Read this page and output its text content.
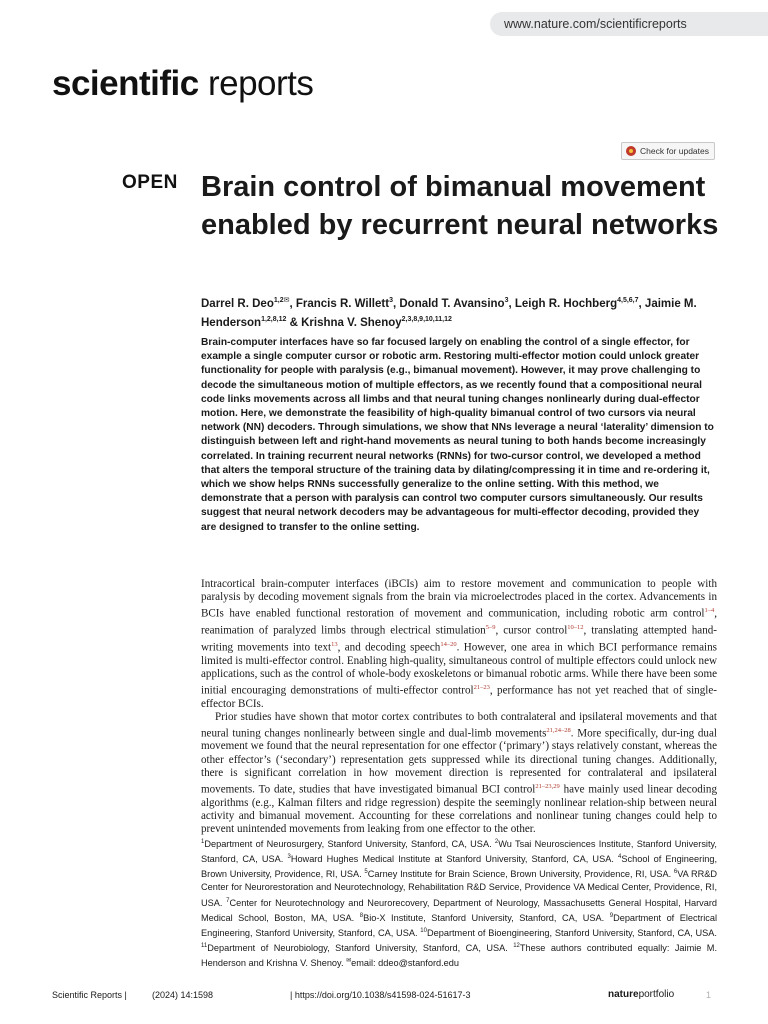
www.nature.com/scientificreports
scientific reports
Check for updates
OPEN Brain control of bimanual movement enabled by recurrent neural networks
Darrel R. Deo$^{1,2✉}$, Francis R. Willett$^3$, Donald T. Avansino$^3$, Leigh R. Hochberg$^{4,5,6,7}$, Jaimie M. Henderson$^{1,2,8,12}$ & Krishna V. Shenoy$^{2,3,8,9,10,11,12}$

Brain-computer interfaces have so far focused largely on enabling the control of a single effector, for example a single computer cursor or robotic arm. Restoring multi-effector motion could unlock greater functionality for people with paralysis (e.g., bimanual movement). However, it may prove challenging to decode the simultaneous motion of multiple effectors, as we recently found that a compositional neural code links movements across all limbs and that neural tuning changes nonlinearly during dual-effector motion. Here, we demonstrate the feasibility of high-quality bimanual control of two cursors via neural network (NN) decoders. Through simulations, we show that NNs leverage a neural ‘laterality’ dimension to distinguish between left and right-hand movements as neural tuning to both hands become increasingly correlated. In training recurrent neural networks (RNNs) for two-cursor control, we developed a method that alters the temporal structure of the training data by dilating/compressing it in time and re-ordering it, which we show helps RNNs successfully generalize to the online setting. With this method, we demonstrate that a person with paralysis can control two computer cursors simultaneously. Our results suggest that neural network decoders may be advantageous for multi-effector decoding, provided they are designed to transfer to the online setting.

Intracortical brain-computer interfaces (iBCIs) aim to restore movement and communication to people with paralysis by decoding movement signals from the brain via microelectrodes placed in the cortex. Advancements in BCIs have enabled functional restoration of movement and communication, including robotic arm control$^{1-4}$, reanimation of paralyzed limbs through electrical stimulation$^{5-9}$, cursor control$^{10-12}$, translating attempted hand-writing movements into text$^{13}$, and decoding speech$^{14-20}$. However, one area in which BCI performance remains limited is multi-effector control. Enabling high-quality, simultaneous control of multiple effectors could unlock new applications, such as the control of whole-body exoskeletons or bimanual robotic arms. While there have been some initial encouraging demonstrations of multi-effector control$^{21-23}$, performance has not yet reached that of single-effector BCIs.

Prior studies have shown that motor cortex contributes to both contralateral and ipsilateral movements and that neural tuning changes nonlinearly between single and dual-limb movements$^{21,24-28}$. More specifically, dur-ing dual movement we found that the neural representation for one effector (‘primary’) stays relatively constant, whereas the other effector’s (‘secondary’) representation gets suppressed while its directional tuning changes. Additionally, there is significant correlation in how movement direction is represented for contralateral and ipsilateral movements. To date, studies that have investigated bimanual BCI control$^{21-23,29}$ have mainly used linear decoding algorithms (e.g., Kalman filters and ridge regression) despite the seemingly nonlinear relation-ship between neural activity and bimanual movement. Accounting for these correlations and nonlinear tuning changes could help to prevent unintended movements from leaking from one effector to the other.

$^1$Department of Neurosurgery, Stanford University, Stanford, CA, USA. $^2$Wu Tsai Neurosciences Institute, Stanford University, Stanford, CA, USA. $^3$Howard Hughes Medical Institute at Stanford University, Stanford, CA, USA. $^4$School of Engineering, Brown University, Providence, RI, USA. $^5$Carney Institute for Brain Science, Brown University, Providence, RI, USA. $^6$VA RR&D Center for Neurorestoration and Neurotechnology, Rehabilitation R&D Service, Providence VA Medical Center, Providence, RI, USA. $^7$Center for Neurotechnology and Neurorecovery, Department of Neurology, Massachusetts General Hospital, Harvard Medical School, Boston, MA, USA. $^8$Bio-X Institute, Stanford University, Stanford, CA, USA. $^9$Department of Electrical Engineering, Stanford University, Stanford, CA, USA. $^{10}$Department of Bioengineering, Stanford University, Stanford, CA, USA. $^{11}$Department of Neurobiology, Stanford University, Stanford, CA, USA. $^{12}$These authors contributed equally: Jaimie M. Henderson and Krishna V. Shenoy. ✉email: ddeo@stanford.edu
Scientific Reports |	(2024) 14:1598	| https://doi.org/10.1038/s41598-024-51617-3	natureportfolio	1
